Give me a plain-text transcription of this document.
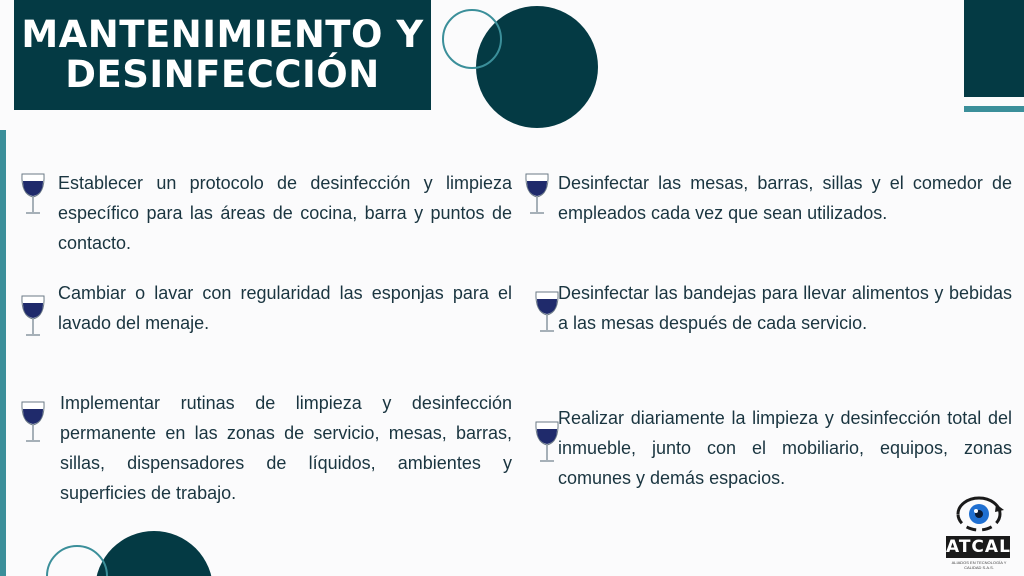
MANTENIMIENTO Y
DESINFECCIÓN
Establecer un protocolo de desinfección y limpieza específico para las áreas de cocina, barra y puntos de contacto.
Desinfectar las mesas, barras, sillas y el comedor de empleados cada vez que sean utilizados.
Cambiar o lavar con regularidad las esponjas para el lavado del menaje.
Desinfectar las bandejas para llevar alimentos y bebidas a las mesas después de cada servicio.
Implementar rutinas de limpieza y desinfección permanente en las zonas de servicio, mesas, barras, sillas, dispensadores de líquidos, ambientes y superficies de trabajo.
Realizar diariamente la limpieza y desinfección total del inmueble, junto con el mobiliario, equipos, zonas comunes y demás espacios.
ATCAL
ALIADOS EN TECNOLOGÍA Y CALIDAD S.A.S.
